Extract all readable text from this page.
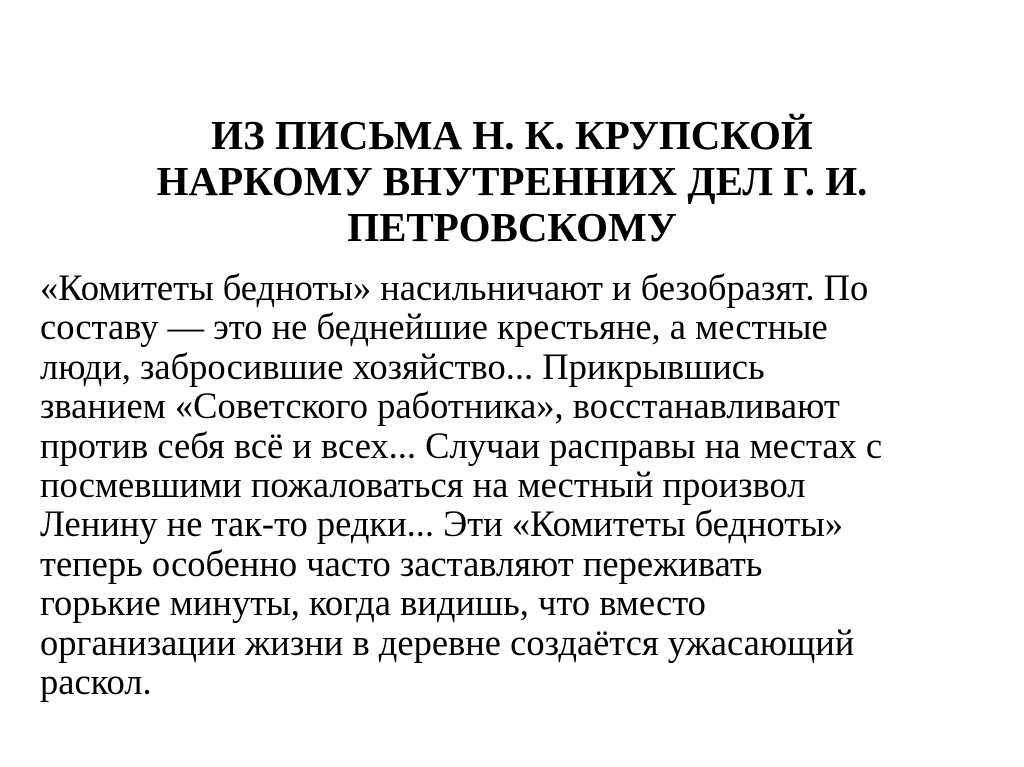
ИЗ ПИСЬМА Н. К. КРУПСКОЙ
НАРКОМУ ВНУТРЕННИХ ДЕЛ Г. И.
ПЕТРОВСКОМУ

«Комитеты бедноты» насильничают и безобразят. По
составу — это не беднейшие крестьяне, а местные
люди, забросившие хозяйство... Прикрывшись
званием «Советского работника», восстанавливают
против себя всё и всех... Случаи расправы на местах с
посмевшими пожаловаться на местный произвол
Ленину не так-то редки... Эти «Комитеты бедноты»
теперь особенно часто заставляют переживать
горькие минуты, когда видишь, что вместо
организации жизни в деревне создаётся ужасающий
раскол.
